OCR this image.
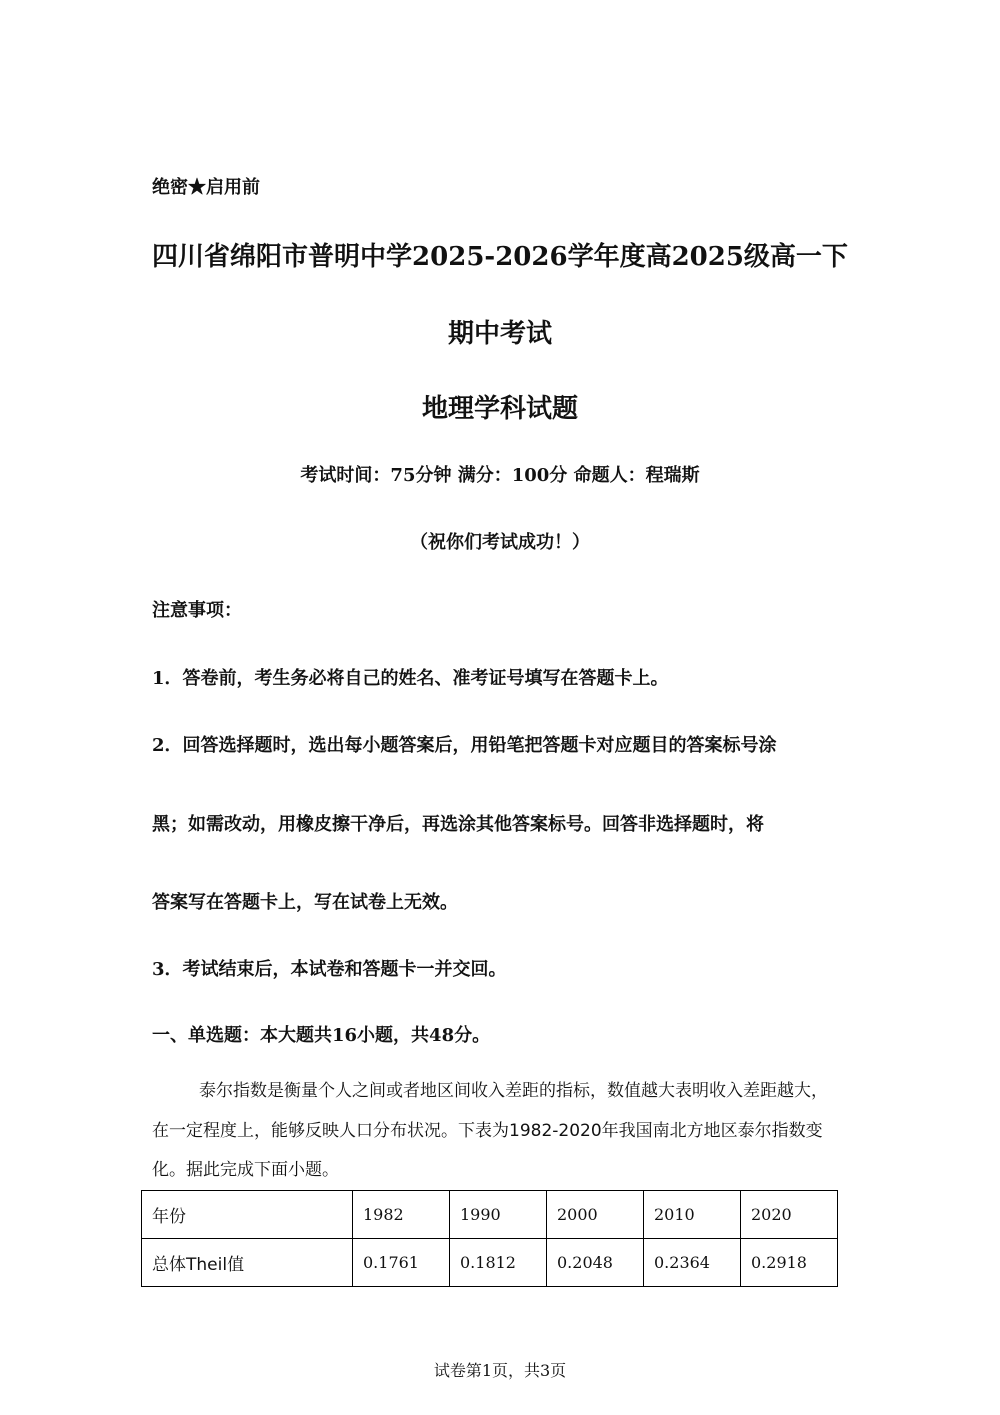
绝密★启用前
四川省绵阳市普明中学2025-2026学年度高2025级高一下
期中考试
地理学科试题
考试时间：75分钟 满分：100分 命题人：程瑞斯
（祝你们考试成功！）
注意事项：
1．答卷前，考生务必将自己的姓名、准考证号填写在答题卡上。
2．回答选择题时，选出每小题答案后，用铅笔把答题卡对应题目的答案标号涂
黑；如需改动，用橡皮擦干净后，再选涂其他答案标号。回答非选择题时，将
答案写在答题卡上，写在试卷上无效。
3．考试结束后，本试卷和答题卡一并交回。
一、单选题：本大题共16小题，共48分。
泰尔指数是衡量个人之间或者地区间收入差距的指标，数值越大表明收入差距越大，
在一定程度上，能够反映人口分布状况。下表为1982-2020年我国南北方地区泰尔指数变
化。据此完成下面小题。
年份	1982	1990	2000	2010	2020
总体Theil值	0.1761	0.1812	0.2048	0.2364	0.2918
试卷第1页，共3页
